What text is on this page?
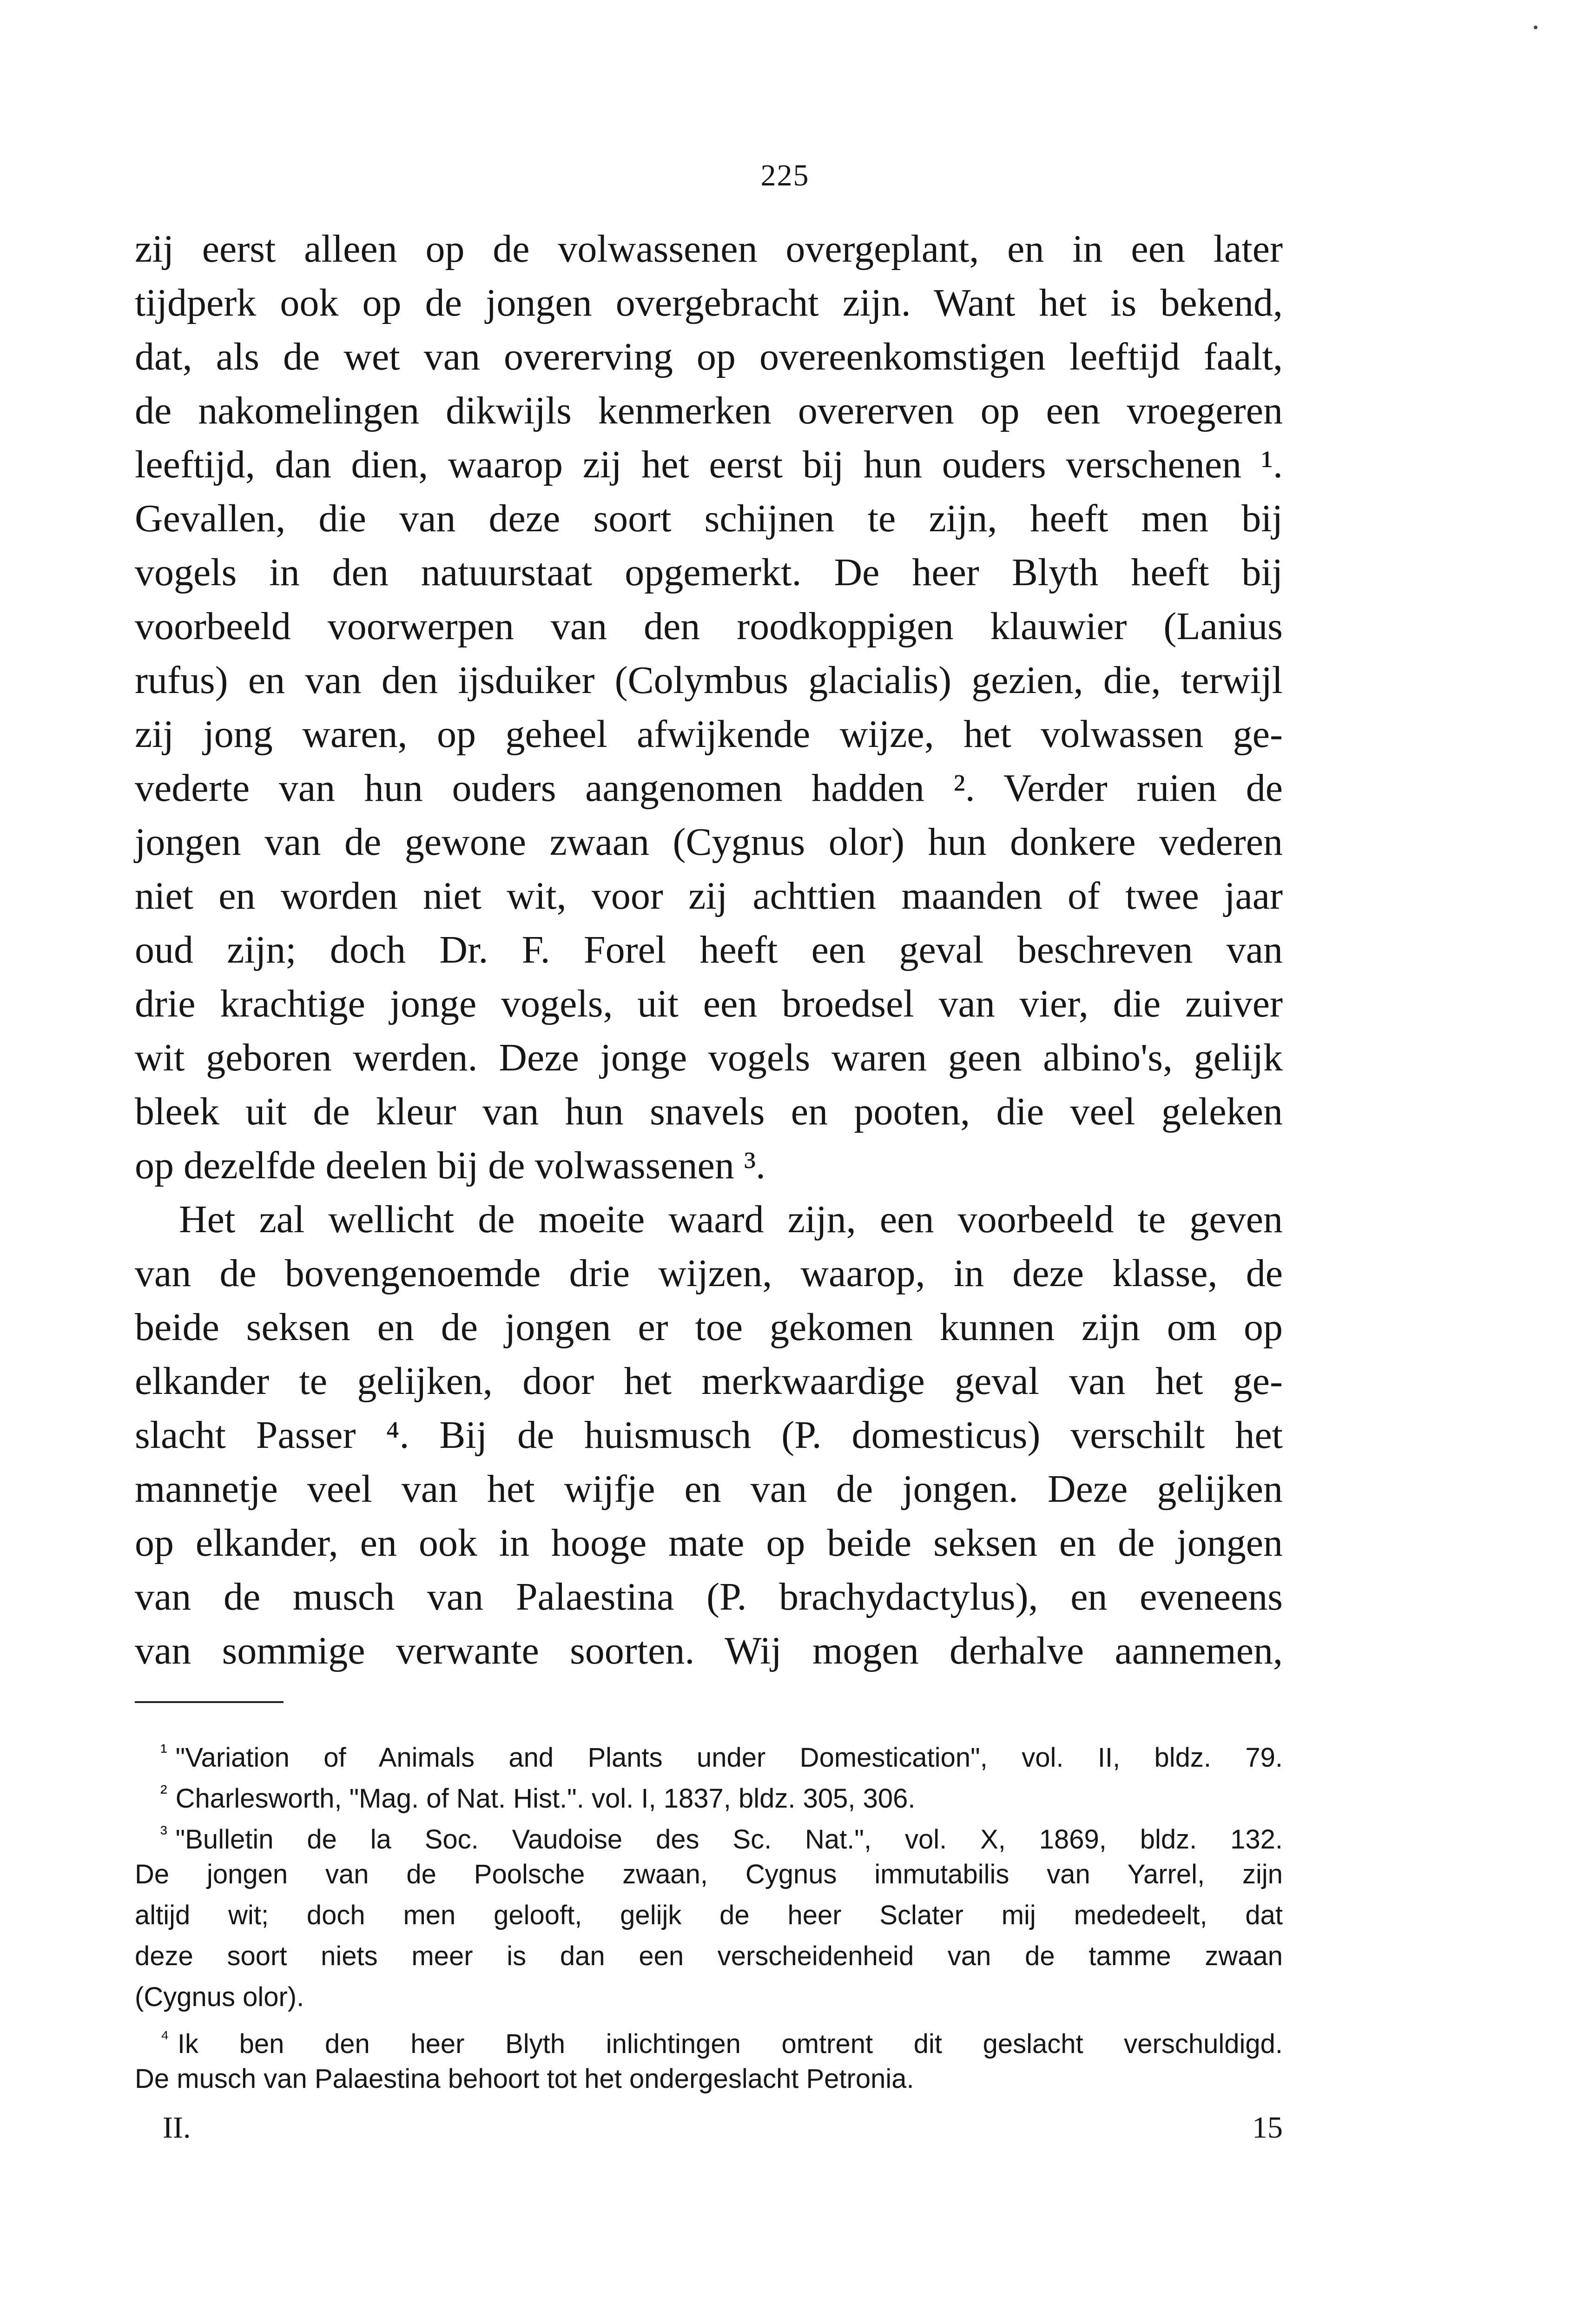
225
zij eerst alleen op de volwassenen overgeplant, en in een later
tijdperk ook op de jongen overgebracht zijn. Want het is bekend,
dat, als de wet van overerving op overeenkomstigen leeftijd faalt,
de nakomelingen dikwijls kenmerken overerven op een vroegeren
leeftijd, dan dien, waarop zij het eerst bij hun ouders verschenen ¹.
Gevallen, die van deze soort schijnen te zijn, heeft men bij
vogels in den natuurstaat opgemerkt. De heer Blyth heeft bij
voorbeeld voorwerpen van den roodkoppigen klauwier (Lanius
rufus) en van den ijsduiker (Colymbus glacialis) gezien, die, terwijl
zij jong waren, op geheel afwijkende wijze, het volwassen ge-
vederte van hun ouders aangenomen hadden ². Verder ruien de
jongen van de gewone zwaan (Cygnus olor) hun donkere vederen
niet en worden niet wit, voor zij achttien maanden of twee jaar
oud zijn; doch Dr. F. Forel heeft een geval beschreven van
drie krachtige jonge vogels, uit een broedsel van vier, die zuiver
wit geboren werden. Deze jonge vogels waren geen albino's, gelijk
bleek uit de kleur van hun snavels en pooten, die veel geleken
op dezelfde deelen bij de volwassenen ³.
Het zal wellicht de moeite waard zijn, een voorbeeld te geven
van de bovengenoemde drie wijzen, waarop, in deze klasse, de
beide seksen en de jongen er toe gekomen kunnen zijn om op
elkander te gelijken, door het merkwaardige geval van het ge-
slacht Passer ⁴. Bij de huismusch (P. domesticus) verschilt het
mannetje veel van het wijfje en van de jongen. Deze gelijken
op elkander, en ook in hooge mate op beide seksen en de jongen
van de musch van Palaestina (P. brachydactylus), en eveneens
van sommige verwante soorten. Wij mogen derhalve aannemen,
$^{^1}$ "Variation of Animals and Plants under Domestication", vol. II, bldz. 79.
$^{^2}$ Charlesworth, "Mag. of Nat. Hist.". vol. I, 1837, bldz. 305, 306.
$^{^3}$ "Bulletin de la Soc. Vaudoise des Sc. Nat.", vol. X, 1869, bldz. 132.
De jongen van de Poolsche zwaan, Cygnus immutabilis van Yarrel, zijn
altijd wit; doch men gelooft, gelijk de heer Sclater mij mededeelt, dat
deze soort niets meer is dan een verscheidenheid van de tamme zwaan
(Cygnus olor).
$^{^4}$ Ik ben den heer Blyth inlichtingen omtrent dit geslacht verschuldigd.
De musch van Palaestina behoort tot het ondergeslacht Petronia.
II.	15
